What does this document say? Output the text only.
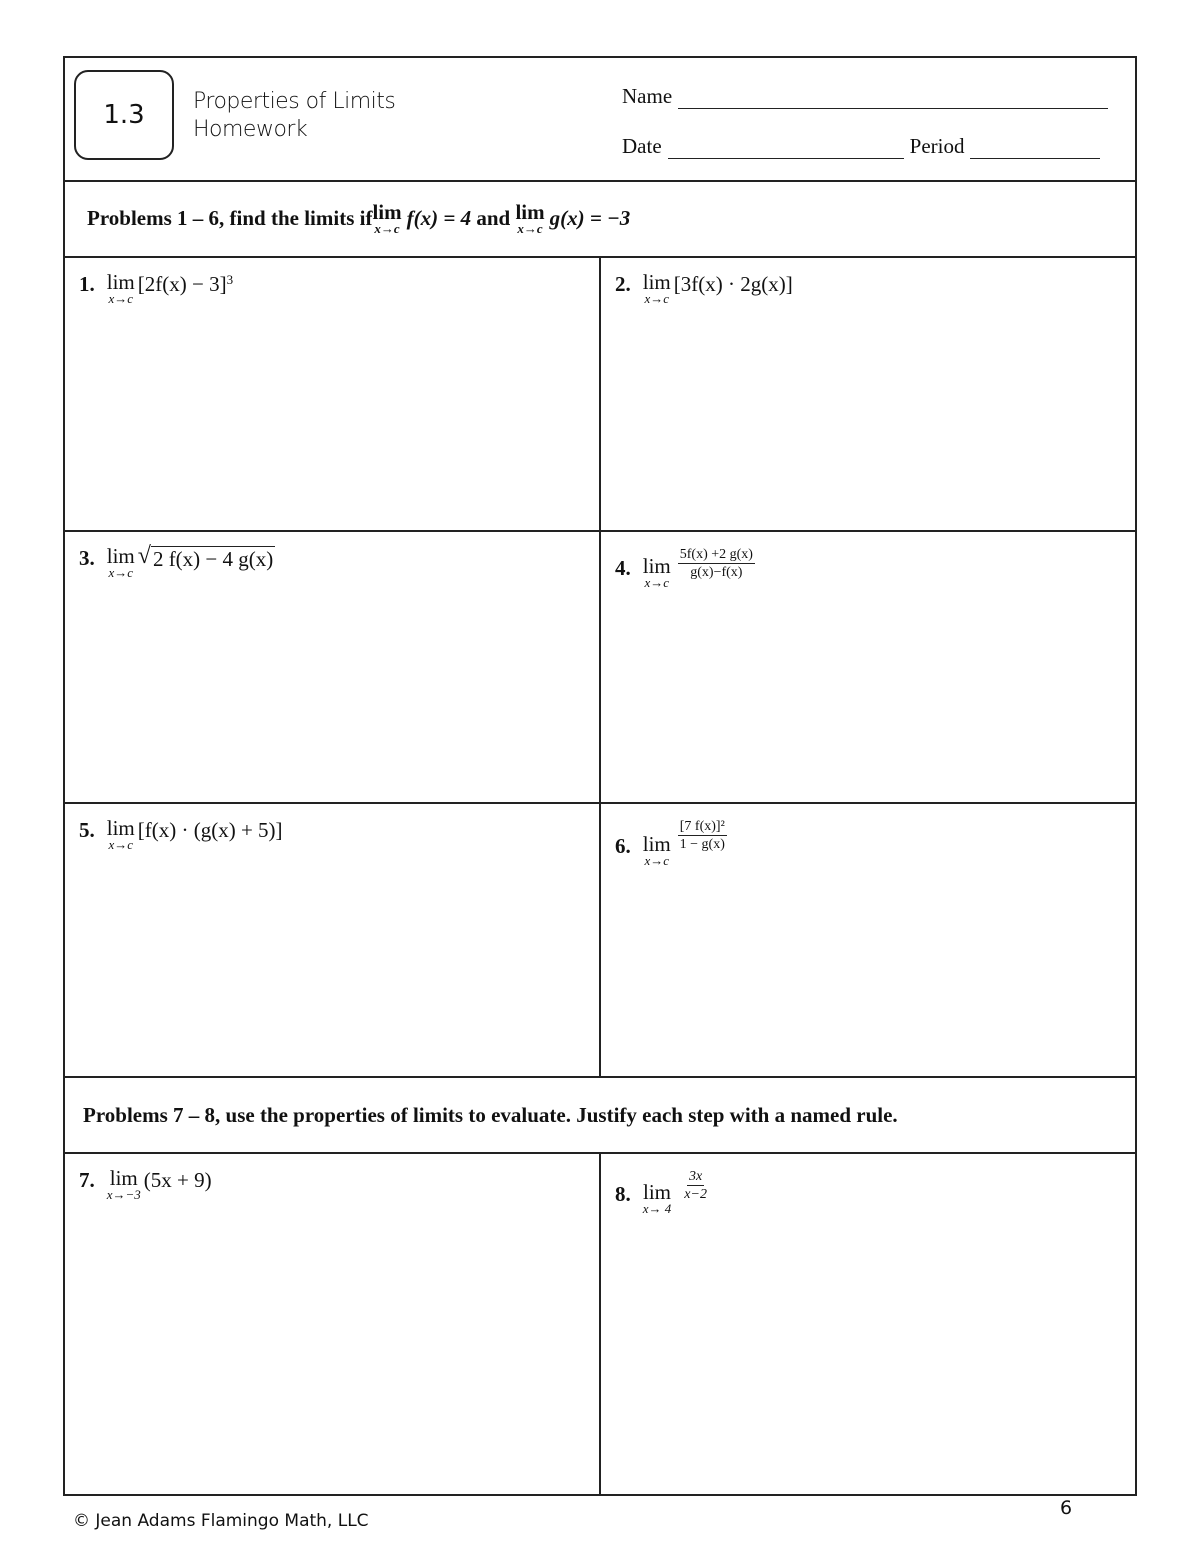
1.3	Properties of Limits
Homework
Name
Date	Period
Problems 1 – 6, find the limits if lim
x→c f(x) = 4 and lim
x→c g(x) = −3
1. lim
x→c
$[2f(x) - 3]^3$	2. lim
x→c
[3f(x) · 2g(x)]
3. lim
x→c
√ 2 f(x) − 4 g(x)	4. lim
x→c
$\frac{5f(x) +2 g(x)}{g(x)-f(x)}$
5. lim
x→c
[f(x) · (g(x) + 5)]
6. lim
x→c
$\frac{\text{[7 f(x)]²}}{1 - g(x)}$
Problems 7 – 8, use the properties of limits to evaluate. Justify each step with a named rule.
7. lim
x→−3
(5x + 9)
8. lim
x→ 4
$\frac{3x}{x-2}$
© Jean Adams Flamingo Math, LLC
6
